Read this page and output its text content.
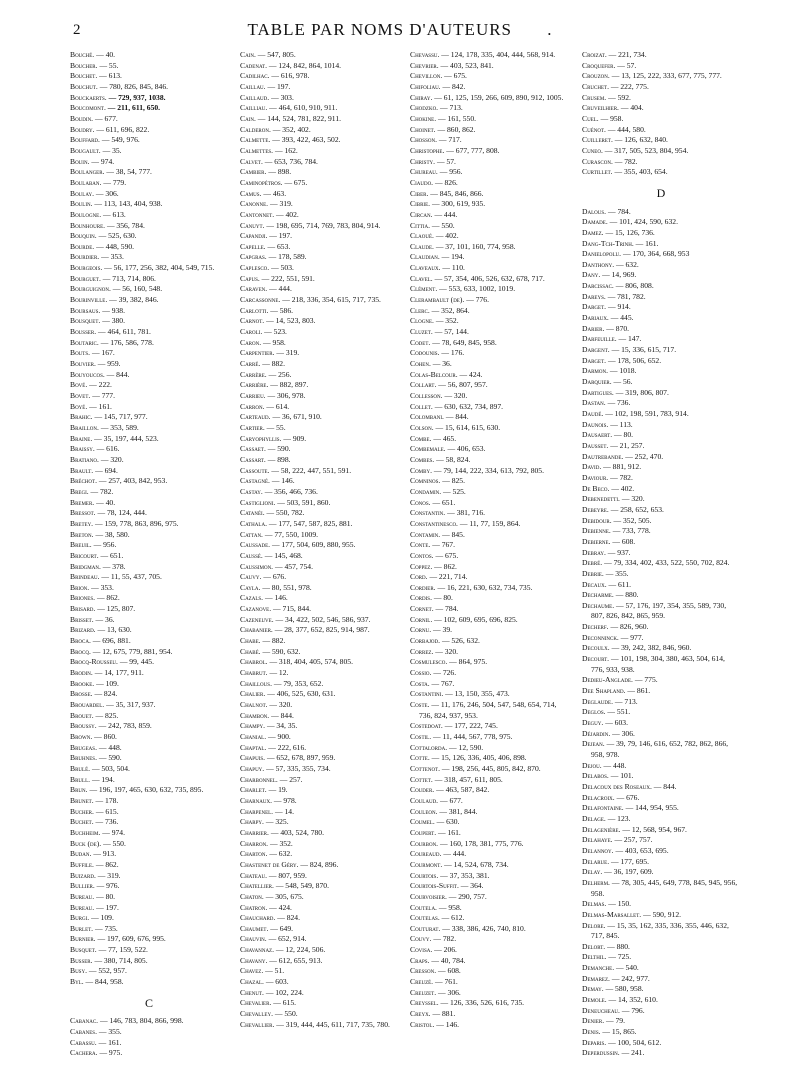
2	TABLE PAR NOMS D'AUTEURS .
Bouché. — 40.
Boucher. — 55.
Bouchet. — 613.
Bouchut. — 780, 826, 845, 846.
Bouckaerts. — 729, 937, 1038.
Boucomont. — 211, 611, 650.
Boudin. — 677.
Boudry. — 611, 696, 822.
Bouffard. — 549, 976.
Bougault. — 35.
Bouin. — 974.
Boulanger. — 38, 54, 777.
Boulaban. — 779.
Boulay. — 306.
Boulin. — 113, 143, 404, 938.
Boulogne. — 613.
Bounhoure. — 356, 784.
Bouquin. — 525, 630.
Bourde. — 448, 590.
Bourdier. — 353.
Bourgeois. — 56, 177, 256, 382, 404, 549, 715.
Bourguet. — 713, 714, 806.
Bourguignon. — 56, 160, 548.
Bourinville. — 39, 382, 846.
Boursaus. — 938.
Bousquet. — 380.
Bousser. — 464, 611, 781.
Boutaric. — 176, 586, 778.
Bouts. — 167.
Bouvier. — 959.
Bouyoucos. — 844.
Bové. — 222.
Bovet. — 777.
Boyé. — 161.
Brahic. — 145, 717, 977.
Braillon. — 353, 589.
Braine. — 35, 197, 444, 523.
Braissy. — 616.
Bratiano. — 320.
Brault. — 694.
Bréchot. — 257, 403, 842, 953.
Bregi. — 782.
Bremer. — 40.
Bressot. — 78, 124, 444.
Bretey. — 159, 778, 863, 896, 975.
Breton. — 38, 580.
Breuil. — 956.
Bricourt. — 651.
Bridgman. — 378.
Brindeau. — 11, 55, 437, 705.
Brion. — 353.
Briones. — 862.
Brisard. — 125, 807.
Brisset. — 36.
Brizard. — 13, 630.
Broca. — 696, 881.
Brocq. — 12, 675, 779, 881, 954.
Brocq-Rousseu. — 99, 445.
Brodin. — 14, 177, 911.
Brooke. — 109.
Brosse. — 824.
Brouardel. — 35, 317, 937.
Brouet. — 825.
Broussy. — 242, 783, 859.
Brown. — 860.
Brugeas. — 448.
Bruhnes. — 590.
Brulé. — 503, 504.
Brull. — 194.
Brun. — 196, 197, 465, 630, 632, 735, 895.
Brunet. — 178.
Bucher. — 615.
Buchet. — 736.
Buchheim. — 974.
Buck (de). — 550.
Budan. — 913.
Buffile. — 862.
Buizard. — 319.
Bullier. — 976.
Bureau. — 80.
Bureau. — 197.
Burgi. — 109.
Burlet. — 735.
Burnier. — 197, 609, 676, 995.
Busquet. — 77, 159, 522.
Busser. — 380, 714, 805.
Busy. — 552, 957.
Byl. — 844, 958.
C
Cabanac. — 146, 783, 804, 866, 998.
Cabanes. — 355.
Cabassu. — 161.
Cachera. — 975.
Cain. — 547, 805.
Cadenat. — 124, 842, 864, 1014.
Cadilhac. — 616, 978.
Caillau. — 197.
Caillaud. — 303.
Cailliau. — 464, 610, 910, 911.
Cain. — 144, 524, 781, 822, 911.
Calderon. — 352, 402.
Calmette. — 393, 422, 463, 502.
Calmettes. — 162.
Calvet. — 653, 736, 784.
Cambier. — 898.
Caminopétros. — 675.
Camus. — 463.
Canonne. — 319.
Cantonnet. — 402.
Canuyt. — 198, 695, 714, 769, 783, 804, 914.
Capandji. — 197.
Capelle. — 653.
Capgras. — 178, 589.
Caplesco. — 503.
Capus. — 222, 551, 591.
Caraven. — 444.
Carcassonne. — 218, 336, 354, 615, 717, 735.
Carlotti. — 586.
Carnot. — 14, 523, 803.
Caroli. — 523.
Caron. — 958.
Carpentier. — 319.
Carré. — 882.
Carrère. — 256.
Carrière. — 882, 897.
Carrieu. — 306, 978.
Carron. — 614.
Carteaud. — 36, 671, 910.
Cartier. — 55.
Caryophyllis. — 909.
Cassaet. — 590.
Cassart. — 898.
Cassoute. — 58, 222, 447, 551, 591.
Castagné. — 146.
Castay. — 356, 466, 736.
Castiglioni. — 503, 591, 860.
Catanéi. — 550, 782.
Cathala. — 177, 547, 587, 825, 881.
Cattan. — 77, 550, 1009.
Caussade. — 177, 504, 609, 880, 955.
Caussé. — 145, 468.
Caussimon. — 457, 754.
Cauvy. — 676.
Cayla. — 80, 551, 978.
Cazals. — 146.
Cazanove. — 715, 844.
Cazeneuve. — 34, 422, 502, 546, 586, 937.
Chabanier. — 28, 377, 652, 825, 914, 987.
Chabe. — 882.
Chabé. — 590, 632.
Chabrol. — 318, 404, 405, 574, 805.
Chabrut. — 12.
Chaillous. — 79, 353, 652.
Chalier. — 406, 525, 630, 631.
Chalnot. — 320.
Chambon. — 844.
Champy. — 34, 35.
Chanial. — 900.
Chaptal. — 222, 616.
Chapuis. — 652, 678, 897, 959.
Chapuy. — 57, 335, 355, 734.
Charbonnel. — 257.
Charlet. — 19.
Charnaux. — 978.
Charpenel. — 14.
Charpy. — 325.
Charrier. — 403, 524, 780.
Charron. — 352.
Charton. — 632.
Chastenet de Géry. — 824, 896.
Chateau. — 807, 959.
Chatellier. — 548, 549, 870.
Chaton. — 305, 675.
Chatron. — 424.
Chauchard. — 824.
Chaumet. — 649.
Chauvin. — 652, 914.
Chavannaz. — 12, 224, 506.
Chavany. — 612, 655, 913.
Chavez. — 51.
Chazal. — 603.
Chenut. — 102, 224.
Chevalier. — 615.
Chevalley. — 550.
Chevallier. — 319, 444, 445, 611, 717, 735, 780.
Chevassu. — 124, 178, 335, 404, 444, 568, 914.
Chevrier. — 403, 523, 841.
Chevillon. — 675.
Chifoliau. — 842.
Chiray. — 61, 125, 159, 266, 609, 890, 912, 1005.
Chodzko. — 713.
Chokine. — 161, 550.
Choinet. — 860, 862.
Chosson. — 717.
Christophe. — 677, 777, 808.
Christy. — 57.
Chureau. — 956.
Ciaudo. — 826.
Ciber. — 845, 846, 866.
Cibrie. — 300, 619, 935.
Circan. — 444.
Cittia. — 550.
Claoué. — 402.
Claude. — 37, 101, 160, 774, 958.
Claudian. — 194.
Claveaux. — 110.
Clavel. — 57, 354, 406, 526, 632, 678, 717.
Clément. — 553, 633, 1002, 1019.
Clerambault (de). — 776.
Clerc. — 352, 864.
Clogne. — 352.
Cluzet. — 57, 144.
Codet. — 78, 649, 845, 958.
Codounis. — 176.
Cohen. — 36.
Colas-Belcour. — 424.
Collart. — 56, 807, 957.
Collesson. — 320.
Collet. — 630, 632, 734, 897.
Colombani. — 844.
Colson. — 15, 614, 615, 630.
Combe. — 465.
Combemale. — 406, 653.
Combes. — 58, 824.
Comby. — 79, 144, 222, 334, 613, 792, 805.
Comninos. — 825.
Condamin. — 525.
Conos. — 651.
Constantin. — 381, 716.
Constantinesco. — 11, 77, 159, 864.
Contamin. — 845.
Conte. — 767.
Contos. — 675.
Coppez. — 862.
Cord. — 221, 714.
Cordier. — 16, 221, 630, 632, 734, 735.
Cordis. — 80.
Cornet. — 784.
Cornil. — 102, 609, 695, 696, 825.
Cornu. — 39.
Corbajod. — 526, 632.
Correz. — 320.
Cosmulesco. — 864, 975.
Cossio. — 726.
Costa. — 767.
Costantini. — 13, 150, 355, 473.
Coste. — 11, 176, 246, 504, 547, 548, 654, 714, 736, 824, 937, 953.
Costedoat. — 177, 222, 745.
Costil. — 11, 444, 567, 778, 975.
Cottalorda. — 12, 590.
Cotte. — 15, 126, 336, 405, 406, 898.
Cottenot. — 198, 256, 445, 805, 842, 870.
Cottet. — 318, 457, 611, 805.
Couder. — 463, 587, 842.
Coulaud. — 677.
Couleon. — 381, 844.
Coumel. — 630.
Coupert. — 161.
Courbon. — 160, 178, 381, 775, 776.
Coureaud. — 444.
Courmont. — 14, 524, 678, 734.
Courtois. — 37, 353, 381.
Courtois-Suffit. — 364.
Courvoisier. — 290, 757.
Coutela. — 958.
Coutelas. — 612.
Couturat. — 338, 386, 426, 740, 810.
Couvy. — 782.
Covisa. — 206.
Craps. — 40, 784.
Cresson. — 608.
Creuzé. — 761.
Creuzet. — 306.
Creyssel. — 126, 336, 526, 616, 735.
Creyx. — 881.
Cristol. — 146.
Croizat. — 221, 734.
Croquefer. — 57.
Crouzon. — 13, 125, 222, 333, 677, 775, 777.
Cruchet. — 222, 775.
Crusem. — 592.
Cruveilhier. — 404.
Cuel. — 958.
Cuénot. — 444, 580.
Cuilleret. — 126, 632, 840.
Cuneo. — 317, 505, 523, 804, 954.
Curascon. — 782.
Curtillet. — 355, 403, 654.
D
Dalous. — 784.
Damade. — 101, 424, 590, 632.
Damez. — 15, 126, 736.
Dang-Tch-Trinh. — 161.
Danielopolu. — 170, 364, 668, 953
Danthony. — 632.
Dany. — 14, 969.
Darcissac. — 806, 808.
Dareys. — 781, 782.
Darget. — 914.
Dariaux. — 445.
Darier. — 870.
Darfeuille. — 147.
Dargent. — 15, 336, 615, 717.
Darget. — 178, 506, 652.
Darmon. — 1018.
Darquier. — 56.
Dartigues. — 319, 806, 807.
Dastan. — 736.
Daudé. — 102, 198, 591, 783, 914.
Daunois. — 113.
Dausaert. — 80.
Dausset. — 21, 257.
Dautrebande. — 252, 470.
David. — 881, 912.
Daviour. — 782.
De Beco. — 402.
Debenedetti. — 320.
Debeyre. — 258, 652, 653.
Debidour. — 352, 505.
Debienne. — 733, 778.
Debierne. — 608.
Debray. — 937.
Debré. — 79, 334, 402, 433, 522, 550, 702, 824.
Debrie. — 355.
Decaux. — 611.
Decharme. — 880.
Dechaume. — 57, 176, 197, 354, 355, 589, 730, 807, 826, 842, 865, 959.
Decherf. — 826, 960.
Deconninck. — 977.
Decoulx. — 39, 242, 382, 846, 960.
Decourt. — 101, 198, 304, 380, 463, 504, 614, 776, 933, 938.
Dedieu-Anglade. — 775.
Dee Shapland. — 861.
Deglaude. — 713.
Deglos. — 551.
Deguy. — 603.
Déjardin. — 306.
Dejean. — 39, 79, 146, 616, 652, 782, 862, 866, 958, 978.
Dejou. — 448.
Delabos. — 101.
Delacoux des Roseaux. — 844.
Delacroix. — 676.
Delafontaine. — 144, 954, 955.
Delage. — 123.
Delagenière. — 12, 568, 954, 967.
Delahaye. — 257, 757.
Delannoy. — 403, 653, 695.
Delarue. — 177, 695.
Delay. — 36, 197, 609.
Delherm. — 78, 305, 445, 649, 778, 845, 945, 956, 958.
Delmas. — 150.
Delmas-Marsallet. — 590, 912.
Delore. — 15, 35, 162, 335, 336, 355, 446, 632, 717, 845.
Delort. — 880.
Delthil. — 725.
Demanche. — 540.
Demarez. — 242, 977.
Demay. — 580, 958.
Demole. — 14, 352, 610.
Deneucheau. — 796.
Denier. — 79.
Denis. — 15, 865.
Deparis. — 100, 504, 612.
Deperdussin. — 241.
